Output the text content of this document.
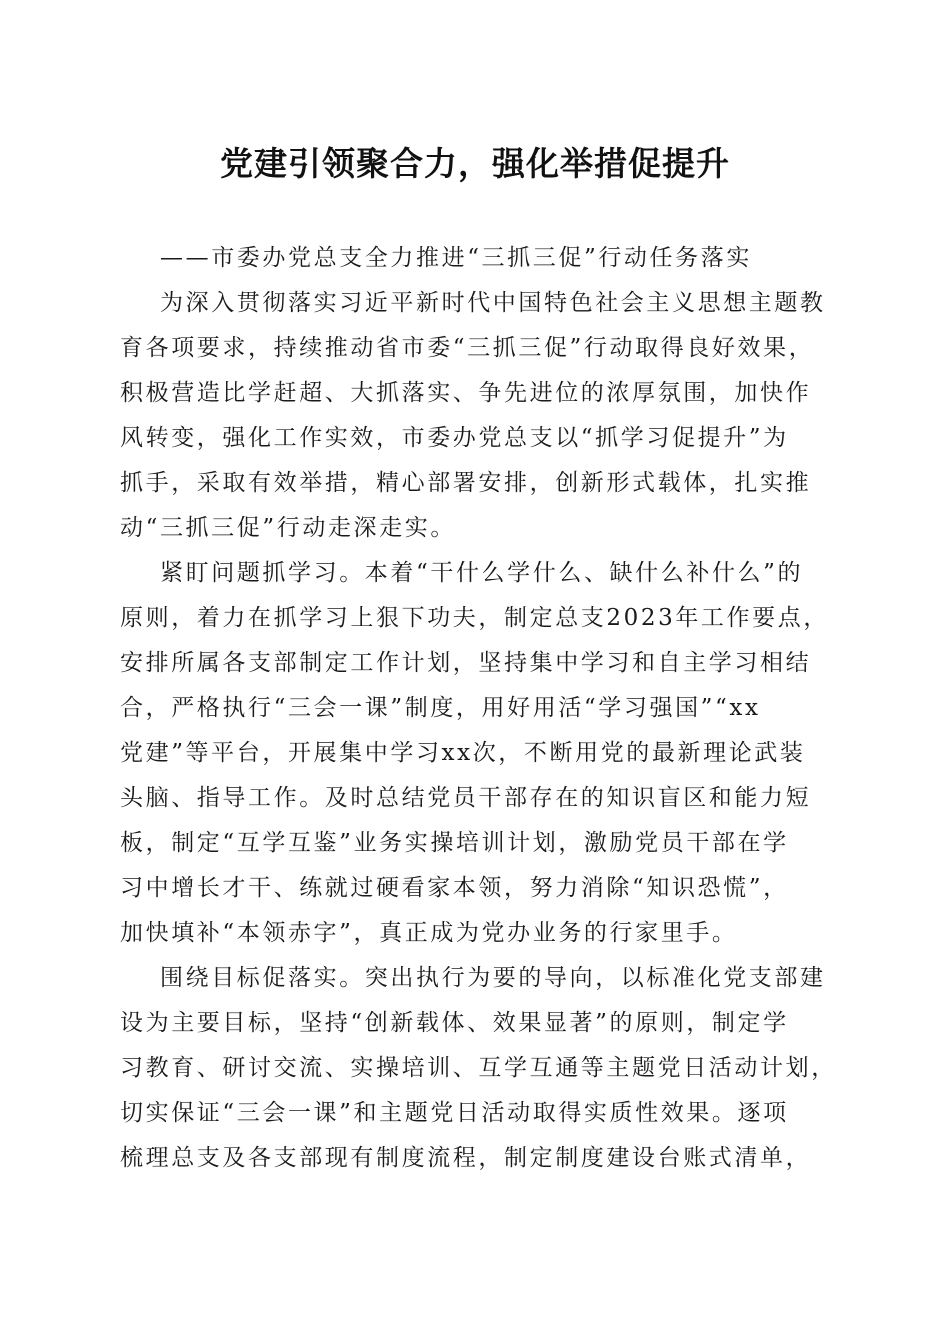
党建引领聚合力，强化举措促提升

——市委办党总支全力推进“三抓三促”行动任务落实

为深入贯彻落实习近平新时代中国特色社会主义思想主题教

育各项要求，持续推动省市委“三抓三促”行动取得良好效果，

积极营造比学赶超、大抓落实、争先进位的浓厚氛围，加快作

风转变，强化工作实效，市委办党总支以“抓学习促提升”为

抓手，采取有效举措，精心部署安排，创新形式载体，扎实推

动“三抓三促”行动走深走实。

紧盯问题抓学习。本着“干什么学什么、缺什么补什么”的

原则，着力在抓学习上狠下功夫，制定总支2023年工作要点，

安排所属各支部制定工作计划，坚持集中学习和自主学习相结

合，严格执行“三会一课”制度，用好用活“学习强国”“xx

党建”等平台，开展集中学习xx次，不断用党的最新理论武装

头脑、指导工作。及时总结党员干部存在的知识盲区和能力短

板，制定“互学互鉴”业务实操培训计划，激励党员干部在学

习中增长才干、练就过硬看家本领，努力消除“知识恐慌”，

加快填补“本领赤字”，真正成为党办业务的行家里手。

围绕目标促落实。突出执行为要的导向，以标准化党支部建

设为主要目标，坚持“创新载体、效果显著”的原则，制定学

习教育、研讨交流、实操培训、互学互通等主题党日活动计划，

切实保证“三会一课”和主题党日活动取得实质性效果。逐项

梳理总支及各支部现有制度流程，制定制度建设台账式清单，
